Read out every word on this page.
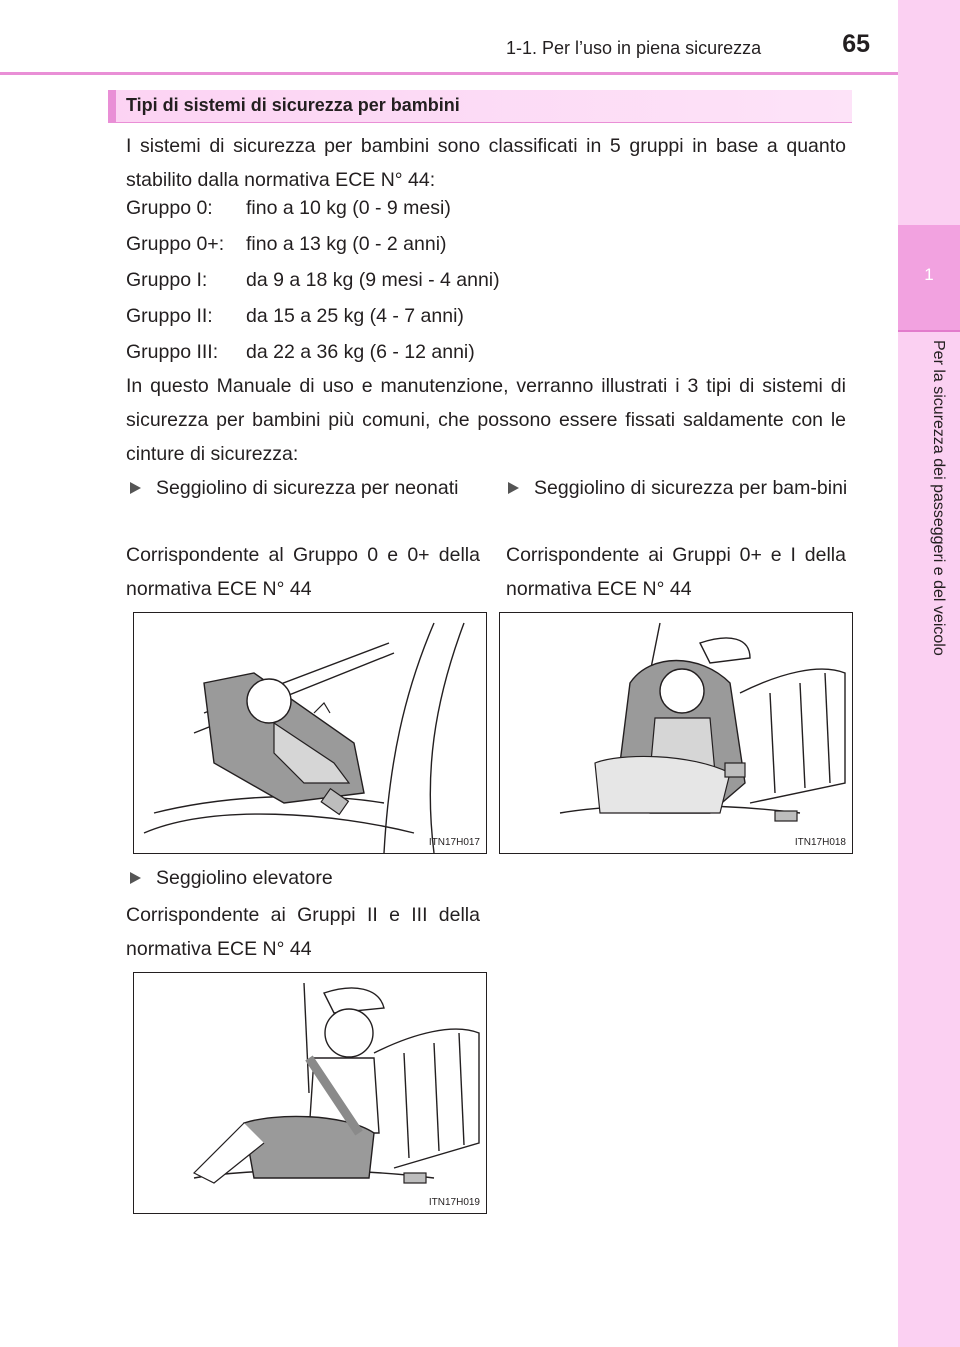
1-1. Per l’uso in piena sicurezza	65
1
Per la sicurezza dei passeggeri e del veicolo
Tipi di sistemi di sicurezza per bambini
I sistemi di sicurezza per bambini sono classificati in 5 gruppi in base a quanto stabilito dalla normativa ECE N° 44:
Gruppo 0: fino a 10 kg (0 - 9 mesi)
Gruppo 0+: fino a 13 kg (0 - 2 anni)
Gruppo I: da 9 a 18 kg (9 mesi - 4 anni)
Gruppo II: da 15 a 25 kg (4 - 7 anni)
Gruppo III: da 22 a 36 kg (6 - 12 anni)
In questo Manuale di uso e manutenzione, verranno illustrati i 3 tipi di sistemi di sicurezza per bambini più comuni, che possono essere fissati saldamente con le cinture di sicurezza:
Seggiolino di sicurezza per neonati
Corrispondente al Gruppo 0 e 0+ della normativa ECE N° 44
ITN17H017
Seggiolino di sicurezza per bam-bini
Corrispondente ai Gruppi 0+ e I della normativa ECE N° 44
ITN17H018
Seggiolino elevatore
Corrispondente ai Gruppi II e III della normativa ECE N° 44
ITN17H019
